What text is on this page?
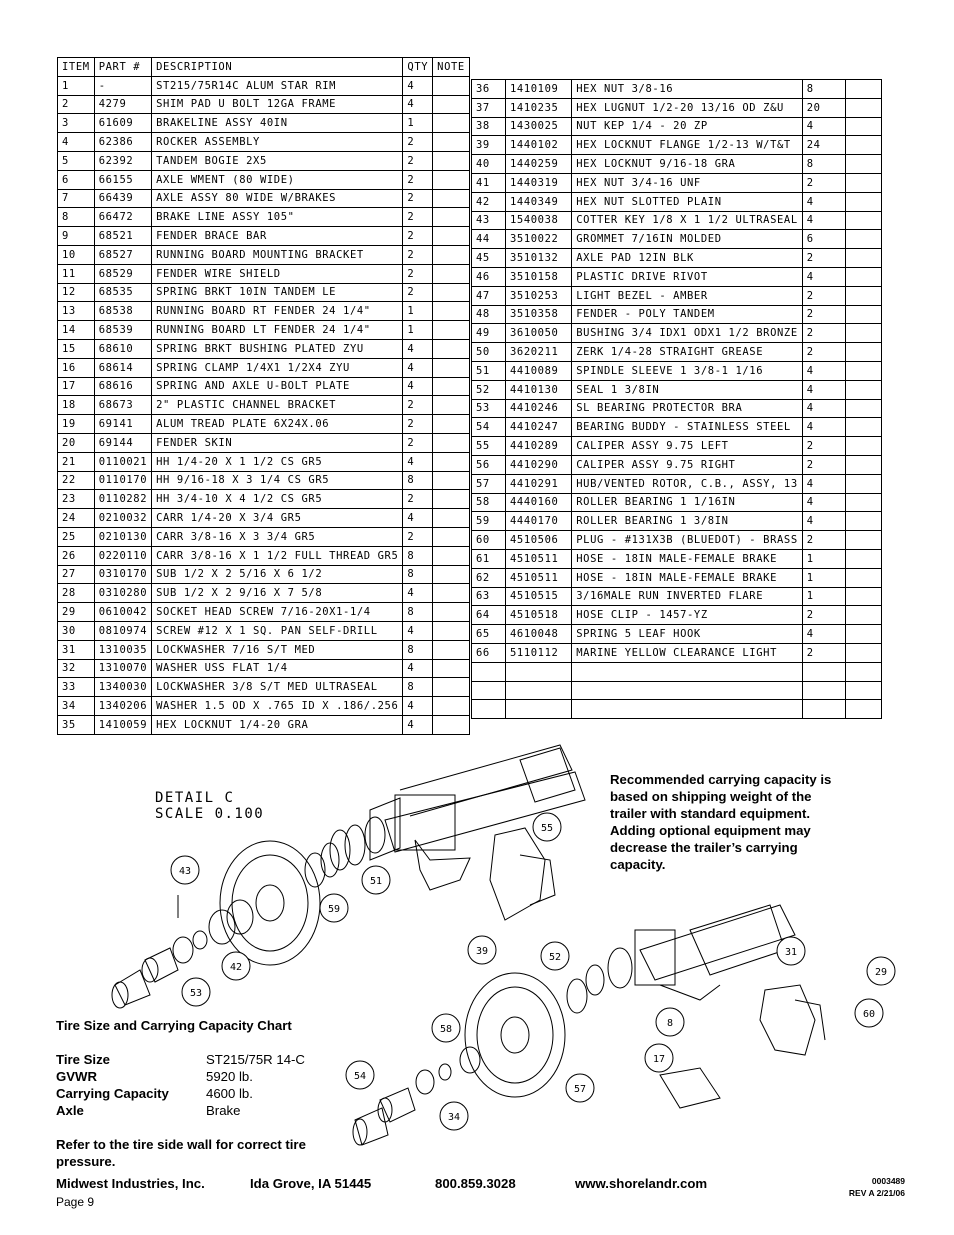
ITEM	PART #	DESCRIPTION	QTY	NOTE
1	-	ST215/75R14C ALUM STAR RIM	4	
2	4279	SHIM PAD U BOLT 12GA FRAME	4	
3	61609	BRAKELINE ASSY 40IN	1	
4	62386	ROCKER ASSEMBLY	2	
5	62392	TANDEM BOGIE 2X5	2	
6	66155	AXLE WMENT (80 WIDE)	2	
7	66439	AXLE ASSY 80 WIDE W/BRAKES	2	
8	66472	BRAKE LINE ASSY 105"	2	
9	68521	FENDER BRACE BAR	2	
10	68527	RUNNING BOARD MOUNTING BRACKET	2	
11	68529	FENDER WIRE SHIELD	2	
12	68535	SPRING BRKT 10IN TANDEM LE	2	
13	68538	RUNNING BOARD RT FENDER 24 1/4"	1	
14	68539	RUNNING BOARD LT FENDER 24 1/4"	1	
15	68610	SPRING BRKT BUSHING PLATED ZYU	4	
16	68614	SPRING CLAMP 1/4X1 1/2X4 ZYU	4	
17	68616	SPRING AND AXLE U-BOLT PLATE	4	
18	68673	2" PLASTIC CHANNEL BRACKET	2	
19	69141	ALUM TREAD PLATE 6X24X.06	2	
20	69144	FENDER SKIN	2	
21	0110021	HH 1/4-20 X 1 1/2 CS GR5	4	
22	0110170	HH 9/16-18 X 3 1/4 CS GR5	8	
23	0110282	HH 3/4-10 X 4 1/2 CS GR5	2	
24	0210032	CARR 1/4-20 X 3/4 GR5	4	
25	0210130	CARR 3/8-16 X 3 3/4 GR5	2	
26	0220110	CARR 3/8-16 X 1 1/2 FULL THREAD GR5	8	
27	0310170	SUB 1/2 X 2 5/16 X 6 1/2	8	
28	0310280	SUB 1/2 X 2 9/16 X 7 5/8	4	
29	0610042	SOCKET HEAD SCREW 7/16-20X1-1/4	8	
30	0810974	SCREW #12 X 1 SQ. PAN SELF-DRILL	4	
31	1310035	LOCKWASHER 7/16 S/T MED	8	
32	1310070	WASHER USS FLAT 1/4	4	
33	1340030	LOCKWASHER 3/8 S/T MED ULTRASEAL	8	
34	1340206	WASHER 1.5 OD X .765 ID X .186/.256	4	
35	1410059	HEX LOCKNUT 1/4-20 GRA	4	
36	1410109	HEX NUT 3/8-16	8	
37	1410235	HEX LUGNUT 1/2-20 13/16 OD Z&U	20	
38	1430025	NUT KEP 1/4 - 20 ZP	4	
39	1440102	HEX LOCKNUT FLANGE 1/2-13 W/T&T	24	
40	1440259	HEX LOCKNUT 9/16-18 GRA	8	
41	1440319	HEX NUT 3/4-16 UNF	2	
42	1440349	HEX NUT SLOTTED PLAIN	4	
43	1540038	COTTER KEY 1/8 X 1 1/2 ULTRASEAL	4	
44	3510022	GROMMET 7/16IN MOLDED	6	
45	3510132	AXLE PAD 12IN BLK	2	
46	3510158	PLASTIC DRIVE RIVOT	4	
47	3510253	LIGHT BEZEL - AMBER	2	
48	3510358	FENDER - POLY TANDEM	2	
49	3610050	BUSHING 3/4 IDX1 ODX1 1/2 BRONZE	2	
50	3620211	ZERK 1/4-28 STRAIGHT GREASE	2	
51	4410089	SPINDLE SLEEVE 1 3/8-1 1/16	4	
52	4410130	SEAL 1 3/8IN	4	
53	4410246	SL BEARING PROTECTOR BRA	4	
54	4410247	BEARING BUDDY - STAINLESS STEEL	4	
55	4410289	CALIPER ASSY 9.75 LEFT	2	
56	4410290	CALIPER ASSY 9.75 RIGHT	2	
57	4410291	HUB/VENTED ROTOR, C.B., ASSY, 13	4	
58	4440160	ROLLER BEARING 1 1/16IN	4	
59	4440170	ROLLER BEARING 1 3/8IN	4	
60	4510506	PLUG - #131X3B (BLUEDOT) - BRASS	2	
61	4510511	HOSE - 18IN MALE-FEMALE BRAKE	1	
62	4510511	HOSE - 18IN MALE-FEMALE BRAKE	1	
63	4510515	3/16MALE RUN INVERTED FLARE	1	
64	4510518	HOSE CLIP - 1457-YZ	2	
65	4610048	SPRING 5 LEAF HOOK	4	
66	5110112	MARINE YELLOW CLEARANCE LIGHT	2	

DETAIL C
SCALE 0.100
43
51
59
55
42
53
39
52	31
29
8
60
58
17
54
57
34
Recommended carrying capacity is based on shipping weight of the trailer with standard equipment. Adding optional equipment may decrease the trailer’s carrying capacity.
Tire Size and Carrying Capacity Chart
Tire Size	ST215/75R 14-C
GVWR	5920 lb.
Carrying Capacity	4600 lb.
Axle	Brake
Refer to the tire side wall for correct tire pressure.
Midwest Industries, Inc.	Ida Grove, IA 51445	800.859.3028	www.shorelandr.com
Page 9
0003489
REV A 2/21/06
